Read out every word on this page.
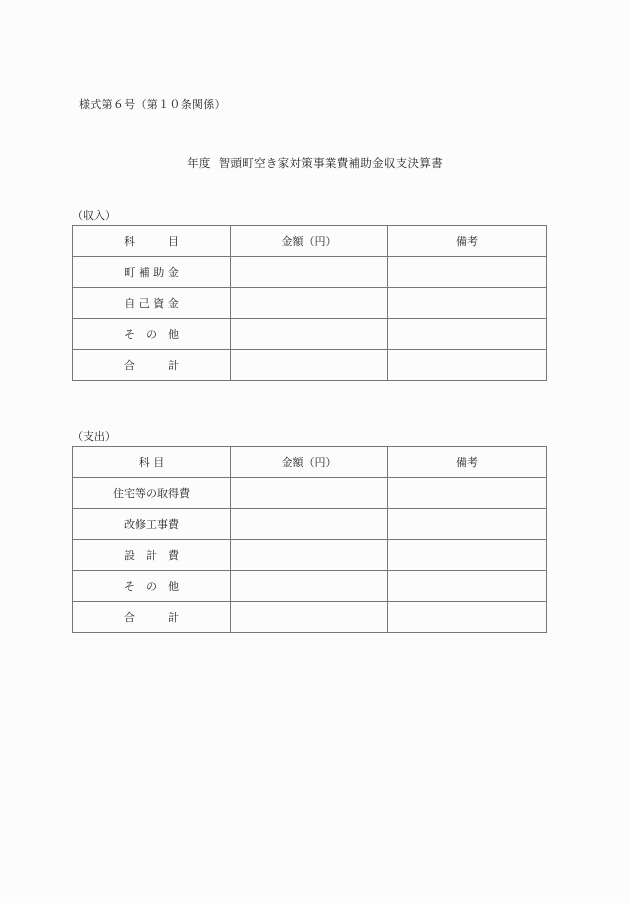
様式第６号（第１０条関係）
年度 智頭町空き家対策事業費補助金収支決算書
（収入）
科　　　目	金額（円）	備考
町 補 助 金		
自 己 資 金		
そ　の　他		
合　　　計		
（支出）
科 目	金額（円）	備考
住宅等の取得費		
改修工事費		
設　計　費		
そ　の　他		
合　　　計		
